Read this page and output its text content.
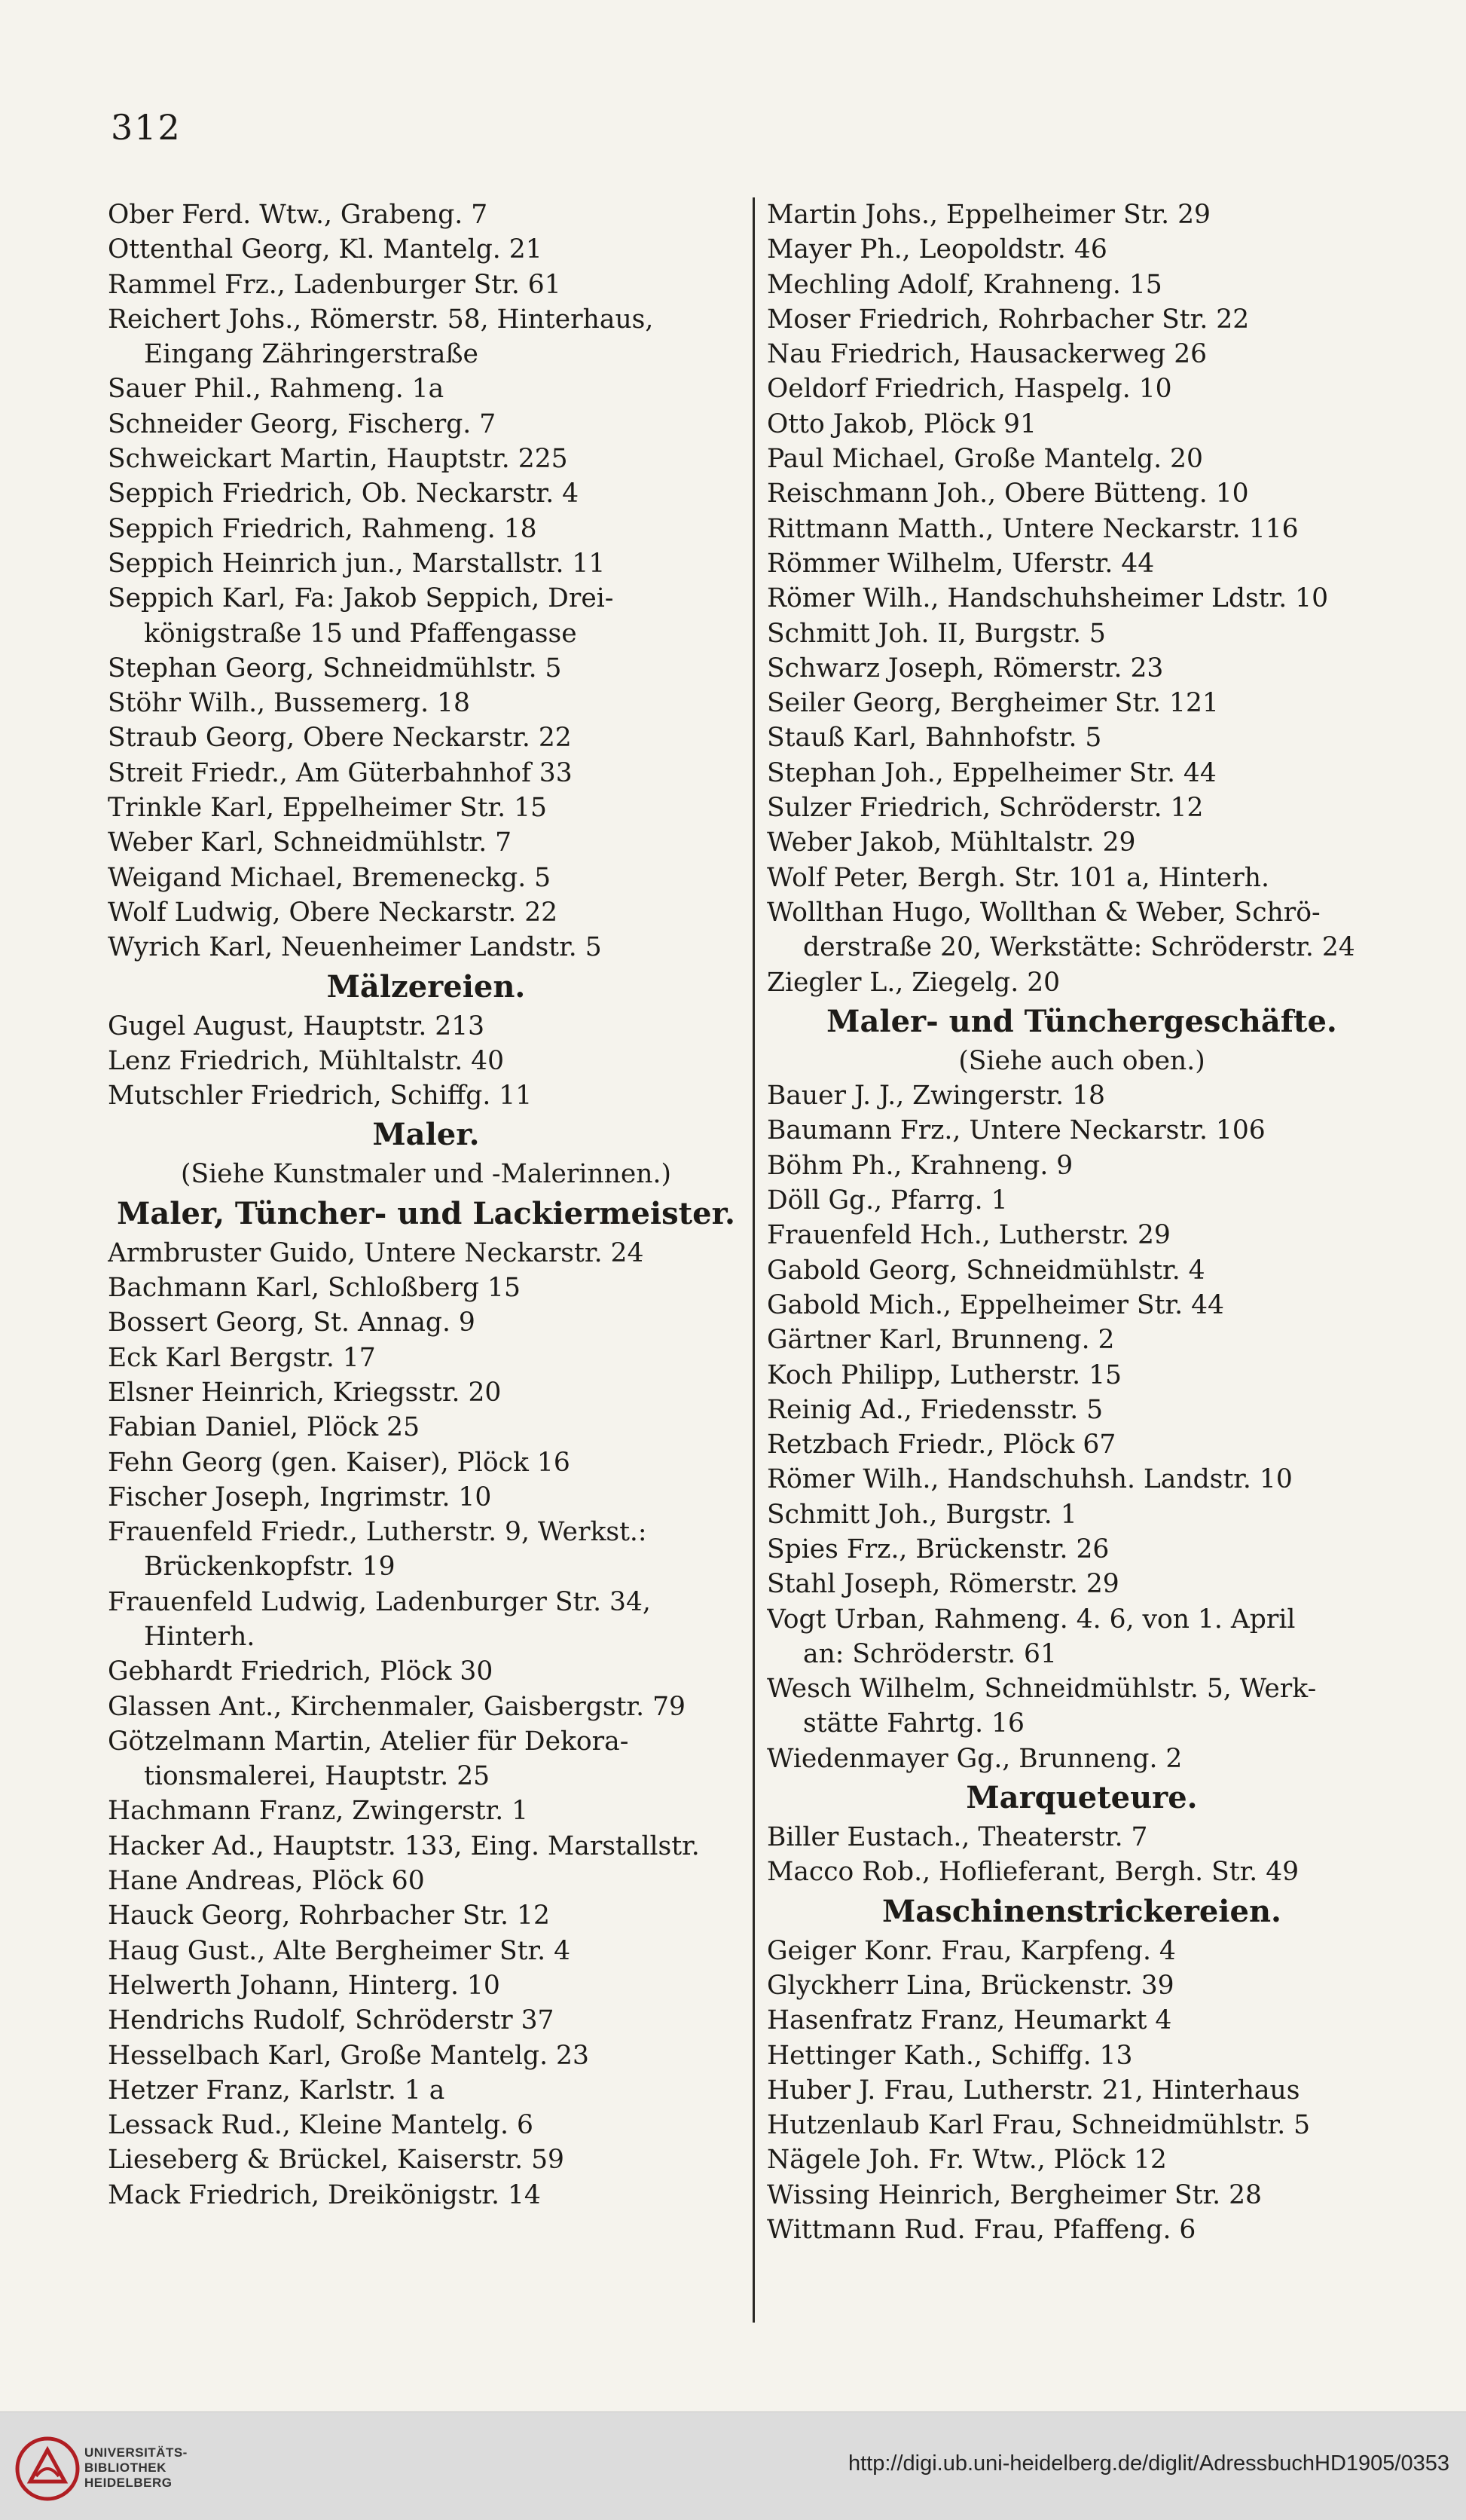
312
Ober Ferd. Wtw., Grabeng. 7
Ottenthal Georg, Kl. Mantelg. 21
Rammel Frz., Ladenburger Str. 61
Reichert Johs., Römerstr. 58, Hinterhaus,
Eingang Zähringerstraße
Sauer Phil., Rahmeng. 1a
Schneider Georg, Fischerg. 7
Schweickart Martin, Hauptstr. 225
Seppich Friedrich, Ob. Neckarstr. 4
Seppich Friedrich, Rahmeng. 18
Seppich Heinrich jun., Marstallstr. 11
Seppich Karl, Fa: Jakob Seppich, Drei-
königstraße 15 und Pfaffengasse
Stephan Georg, Schneidmühlstr. 5
Stöhr Wilh., Bussemerg. 18
Straub Georg, Obere Neckarstr. 22
Streit Friedr., Am Güterbahnhof 33
Trinkle Karl, Eppelheimer Str. 15
Weber Karl, Schneidmühlstr. 7
Weigand Michael, Bremeneckg. 5
Wolf Ludwig, Obere Neckarstr. 22
Wyrich Karl, Neuenheimer Landstr. 5
Mälzereien.
Gugel August, Hauptstr. 213
Lenz Friedrich, Mühltalstr. 40
Mutschler Friedrich, Schiffg. 11
Maler.
(Siehe Kunstmaler und -Malerinnen.)
Maler, Tüncher- und Lackiermeister.
Armbruster Guido, Untere Neckarstr. 24
Bachmann Karl, Schloßberg 15
Bossert Georg, St. Annag. 9
Eck Karl Bergstr. 17
Elsner Heinrich, Kriegsstr. 20
Fabian Daniel, Plöck 25
Fehn Georg (gen. Kaiser), Plöck 16
Fischer Joseph, Ingrimstr. 10
Frauenfeld Friedr., Lutherstr. 9, Werkst.:
Brückenkopfstr. 19
Frauenfeld Ludwig, Ladenburger Str. 34,
Hinterh.
Gebhardt Friedrich, Plöck 30
Glassen Ant., Kirchenmaler, Gaisbergstr. 79
Götzelmann Martin, Atelier für Dekora-
tionsmalerei, Hauptstr. 25
Hachmann Franz, Zwingerstr. 1
Hacker Ad., Hauptstr. 133, Eing. Marstallstr.
Hane Andreas, Plöck 60
Hauck Georg, Rohrbacher Str. 12
Haug Gust., Alte Bergheimer Str. 4
Helwerth Johann, Hinterg. 10
Hendrichs Rudolf, Schröderstr 37
Hesselbach Karl, Große Mantelg. 23
Hetzer Franz, Karlstr. 1 a
Lessack Rud., Kleine Mantelg. 6
Lieseberg & Brückel, Kaiserstr. 59
Mack Friedrich, Dreikönigstr. 14
Martin Johs., Eppelheimer Str. 29
Mayer Ph., Leopoldstr. 46
Mechling Adolf, Krahneng. 15
Moser Friedrich, Rohrbacher Str. 22
Nau Friedrich, Hausackerweg 26
Oeldorf Friedrich, Haspelg. 10
Otto Jakob, Plöck 91
Paul Michael, Große Mantelg. 20
Reischmann Joh., Obere Bütteng. 10
Rittmann Matth., Untere Neckarstr. 116
Römmer Wilhelm, Uferstr. 44
Römer Wilh., Handschuhsheimer Ldstr. 10
Schmitt Joh. II, Burgstr. 5
Schwarz Joseph, Römerstr. 23
Seiler Georg, Bergheimer Str. 121
Stauß Karl, Bahnhofstr. 5
Stephan Joh., Eppelheimer Str. 44
Sulzer Friedrich, Schröderstr. 12
Weber Jakob, Mühltalstr. 29
Wolf Peter, Bergh. Str. 101 a, Hinterh.
Wollthan Hugo, Wollthan & Weber, Schrö-
derstraße 20, Werkstätte: Schröderstr. 24
Ziegler L., Ziegelg. 20
Maler- und Tünchergeschäfte.
(Siehe auch oben.)
Bauer J. J., Zwingerstr. 18
Baumann Frz., Untere Neckarstr. 106
Böhm Ph., Krahneng. 9
Döll Gg., Pfarrg. 1
Frauenfeld Hch., Lutherstr. 29
Gabold Georg, Schneidmühlstr. 4
Gabold Mich., Eppelheimer Str. 44
Gärtner Karl, Brunneng. 2
Koch Philipp, Lutherstr. 15
Reinig Ad., Friedensstr. 5
Retzbach Friedr., Plöck 67
Römer Wilh., Handschuhsh. Landstr. 10
Schmitt Joh., Burgstr. 1
Spies Frz., Brückenstr. 26
Stahl Joseph, Römerstr. 29
Vogt Urban, Rahmeng. 4. 6, von 1. April
an: Schröderstr. 61
Wesch Wilhelm, Schneidmühlstr. 5, Werk-
stätte Fahrtg. 16
Wiedenmayer Gg., Brunneng. 2
Marqueteure.
Biller Eustach., Theaterstr. 7
Macco Rob., Hoflieferant, Bergh. Str. 49
Maschinenstrickereien.
Geiger Konr. Frau, Karpfeng. 4
Glyckherr Lina, Brückenstr. 39
Hasenfratz Franz, Heumarkt 4
Hettinger Kath., Schiffg. 13
Huber J. Frau, Lutherstr. 21, Hinterhaus
Hutzenlaub Karl Frau, Schneidmühlstr. 5
Nägele Joh. Fr. Wtw., Plöck 12
Wissing Heinrich, Bergheimer Str. 28
Wittmann Rud. Frau, Pfaffeng. 6
UNIVERSITÄTS-
BIBLIOTHEK
HEIDELBERG
http://digi.ub.uni-heidelberg.de/diglit/AdressbuchHD1905/0353
